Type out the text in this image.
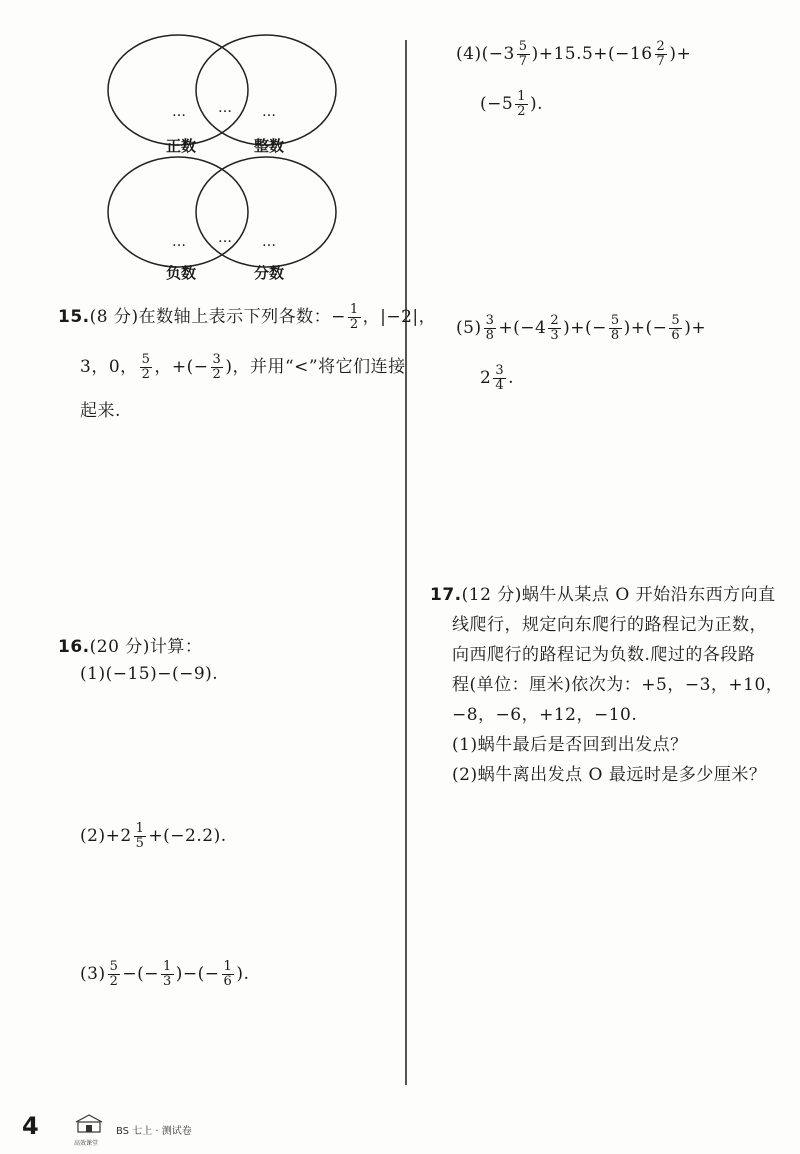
… … …
… … …
正数	整数
负数	分数
15.(8 分)在数轴上表示下列各数：− $\frac{1}{2}$ ，|−2|，
3，0， $\frac{5}{2}$ ，+(− $\frac{3}{2}$ )，并用“<”将它们连接
起来.
16.(20 分)计算：
(1)(−15)−(−9).
$(2)+2 \frac{1}{5} +(-2.2)$.
$(3) \frac{5}{2}$ −(− $\frac{1}{3}$ )−(− $\frac{1}{6}$ ).
$(4)(-3 \frac{5}{7} )+15.5+(-16 \frac{2}{7}$ )+
($-5 \frac{1}{2}$ ).
$(5) \frac{3}{8} +(-4 \frac{2}{3}$ )+(− $\frac{5}{8}$ )+(− $\frac{5}{6}$ )+
$2 \frac{3}{4}$ .
17.(12 分)蜗牛从某点 O 开始沿东西方向直
线爬行，规定向东爬行的路程记为正数，
向西爬行的路程记为负数.爬过的各段路
程(单位：厘米)依次为：+5，−3，+10，
−8，−6，+12，−10.
(1)蜗牛最后是否回到出发点？
(2)蜗牛离出发点 O 最远时是多少厘米？
4
高效课堂
BS 七上 · 测试卷
